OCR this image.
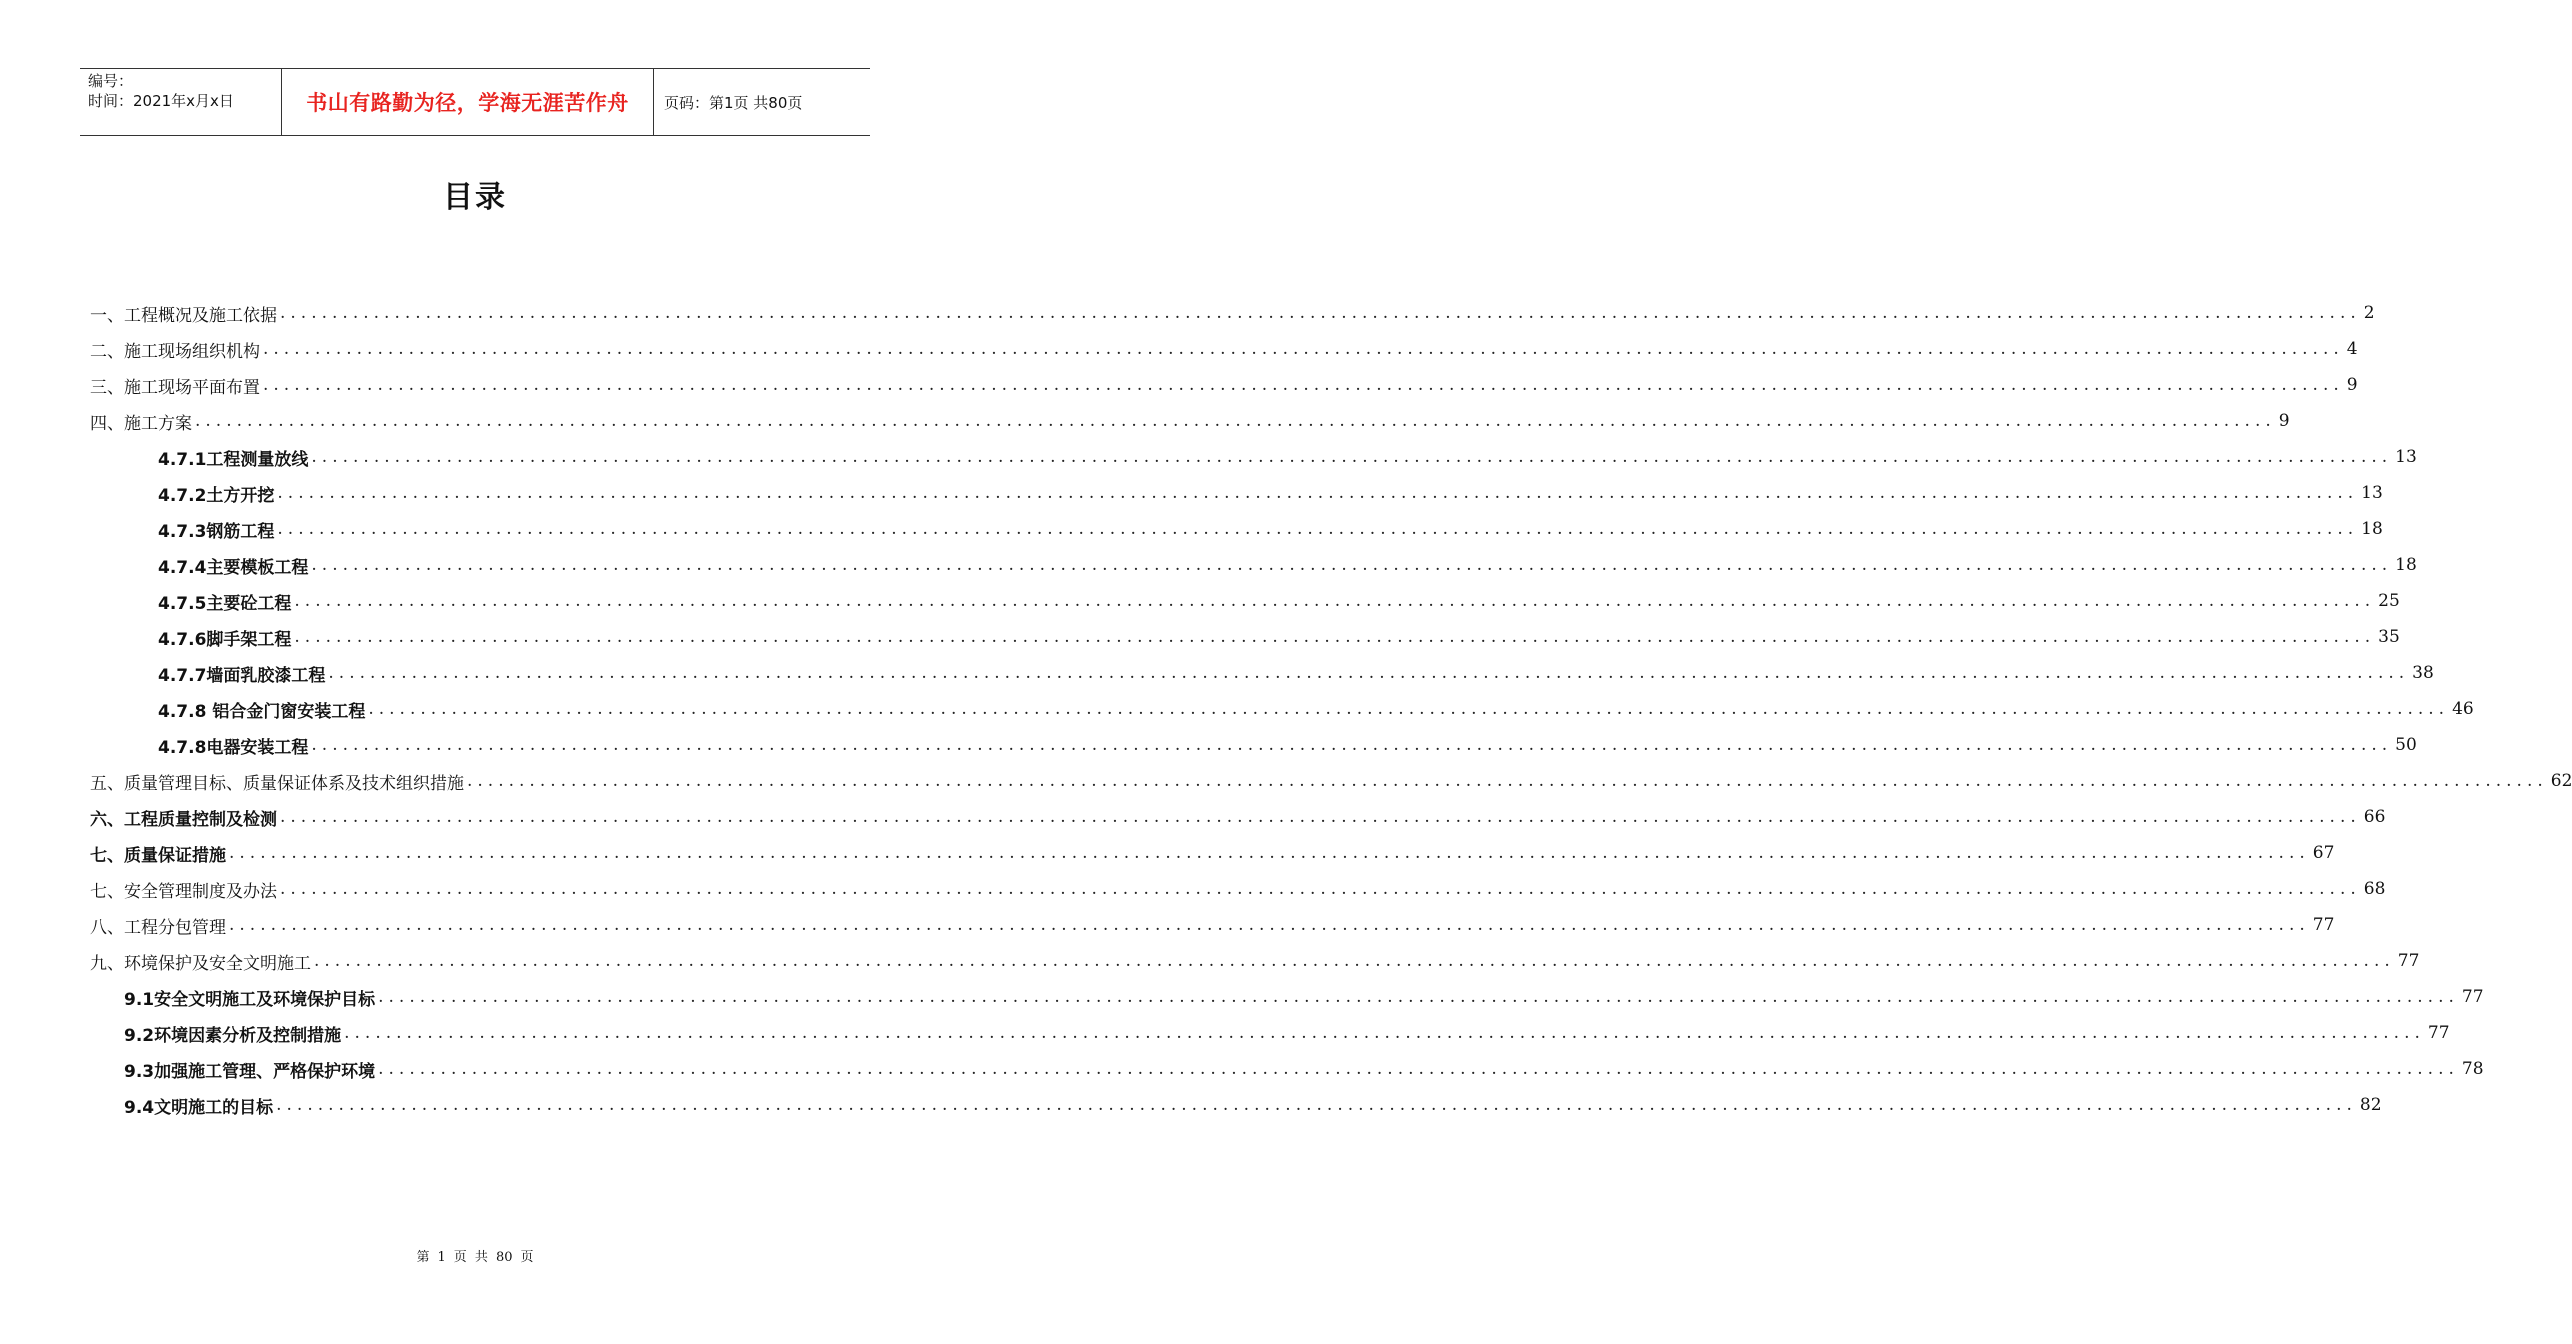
编号：
时间：2021年x月x日	书山有路勤为径，学海无涯苦作舟	页码：第1页 共80页
目录
一、 工程概况及施工依据 ........................................................................................................................................................................................................ 2
二、 施工现场组织机构 ........................................................................................................................................................................................................ 4
三、 施工现场平面布置 ........................................................................................................................................................................................................ 9
四、 施工方案 ........................................................................................................................................................................................................ 9
4.7.1工程测量放线 ........................................................................................................................................................................................................ 13
4.7.2土方开挖 ........................................................................................................................................................................................................ 13
4.7.3钢筋工程 ........................................................................................................................................................................................................ 18
4.7.4主要模板工程 ........................................................................................................................................................................................................ 18
4.7.5主要砼工程 ........................................................................................................................................................................................................ 25
4.7.6脚手架工程 ........................................................................................................................................................................................................ 35
4.7.7墙面乳胶漆工程 ........................................................................................................................................................................................................ 38
4.7.8 铝合金门窗安装工程 ........................................................................................................................................................................................................ 46
4.7.8电器安装工程 ........................................................................................................................................................................................................ 50
五、质量管理目标、质量保证体系及技术组织措施 ........................................................................................................................................................................................................ 62
六、工程质量控制及检测 ........................................................................................................................................................................................................ 66
七、质量保证措施 ........................................................................................................................................................................................................ 67
七、安全管理制度及办法 ........................................................................................................................................................................................................ 68
八、工程分包管理 ........................................................................................................................................................................................................ 77
九、环境保护及安全文明施工 ........................................................................................................................................................................................................ 77
9.1安全文明施工及环境保护目标 ........................................................................................................................................................................................................ 77
9.2环境因素分析及控制措施 ........................................................................................................................................................................................................ 77
9.3加强施工管理、严格保护环境 ........................................................................................................................................................................................................ 78
9.4文明施工的目标 ........................................................................................................................................................................................................ 82
第 1 页 共 80 页
